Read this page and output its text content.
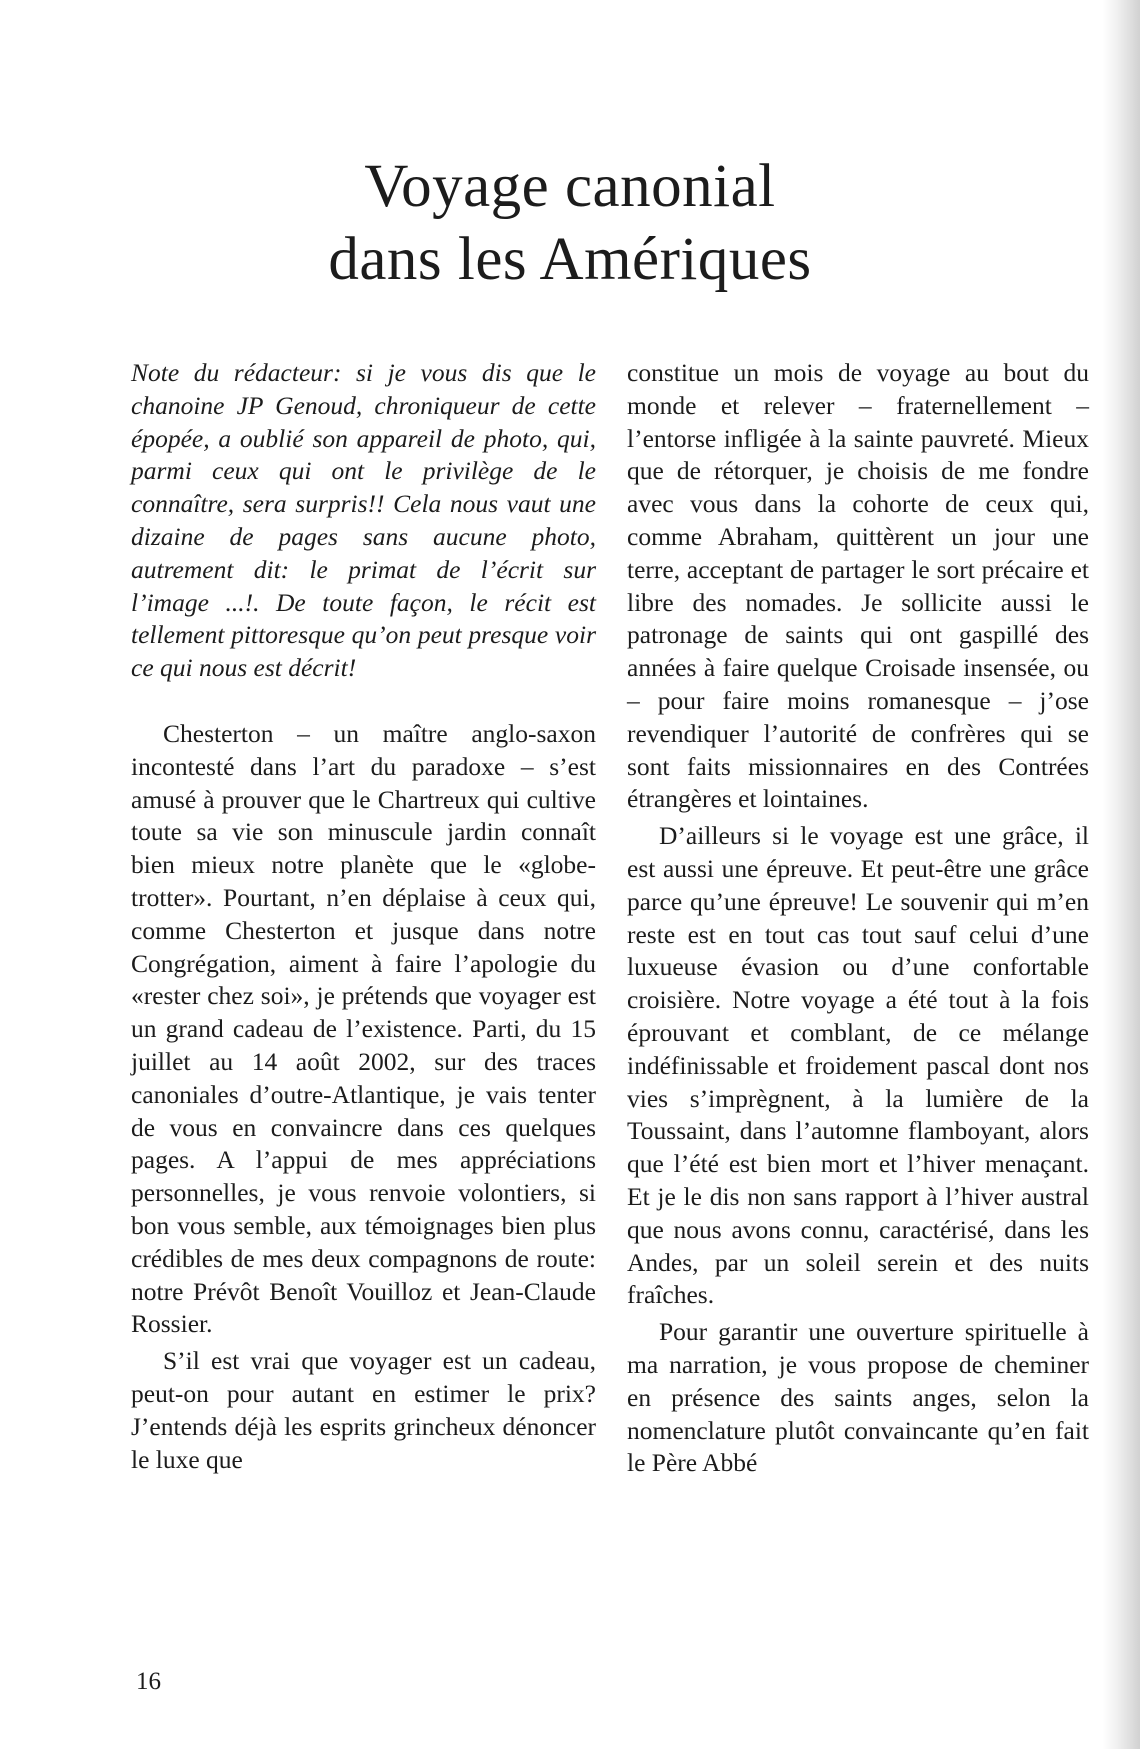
Voyage canonial
dans les Amériques

Note du rédacteur: si je vous dis que le chanoine JP Genoud, chroniqueur de cette épopée, a oublié son appareil de photo, qui, parmi ceux qui ont le privilège de le connaître, sera surpris!! Cela nous vaut une dizaine de pages sans aucune photo, autrement dit: le primat de l’écrit sur l’image ...!. De toute façon, le récit est tellement pittoresque qu’on peut presque voir ce qui nous est décrit!

Chesterton – un maître anglo-saxon incontesté dans l’art du paradoxe – s’est amusé à prouver que le Chartreux qui cultive toute sa vie son minuscule jardin connaît bien mieux notre planète que le «globe-trotter». Pourtant, n’en déplaise à ceux qui, comme Chesterton et jusque dans notre Congrégation, aiment à faire l’apologie du «rester chez soi», je prétends que voyager est un grand cadeau de l’existence. Parti, du 15 juillet au 14 août 2002, sur des traces canoniales d’outre-Atlantique, je vais tenter de vous en convaincre dans ces quelques pages. A l’appui de mes appréciations personnelles, je vous renvoie volontiers, si bon vous semble, aux témoignages bien plus crédibles de mes deux compagnons de route: notre Prévôt Benoît Vouilloz et Jean-Claude Rossier.

S’il est vrai que voyager est un cadeau, peut-on pour autant en estimer le prix? J’entends déjà les esprits grincheux dénoncer le luxe que

constitue un mois de voyage au bout du monde et relever – fraternellement – l’entorse infligée à la sainte pauvreté. Mieux que de rétorquer, je choisis de me fondre avec vous dans la cohorte de ceux qui, comme Abraham, quittèrent un jour une terre, acceptant de partager le sort précaire et libre des nomades. Je sollicite aussi le patronage de saints qui ont gaspillé des années à faire quelque Croisade insensée, ou – pour faire moins romanesque – j’ose revendiquer l’autorité de confrères qui se sont faits missionnaires en des Contrées étrangères et lointaines.

D’ailleurs si le voyage est une grâce, il est aussi une épreuve. Et peut-être une grâce parce qu’une épreuve! Le souvenir qui m’en reste est en tout cas tout sauf celui d’une luxueuse évasion ou d’une confortable croisière. Notre voyage a été tout à la fois éprouvant et comblant, de ce mélange indéfinissable et froidement pascal dont nos vies s’imprègnent, à la lumière de la Toussaint, dans l’automne flamboyant, alors que l’été est bien mort et l’hiver menaçant. Et je le dis non sans rapport à l’hiver austral que nous avons connu, caractérisé, dans les Andes, par un soleil serein et des nuits fraîches.

Pour garantir une ouverture spirituelle à ma narration, je vous propose de cheminer en présence des saints anges, selon la nomenclature plutôt convaincante qu’en fait le Père Abbé

16
